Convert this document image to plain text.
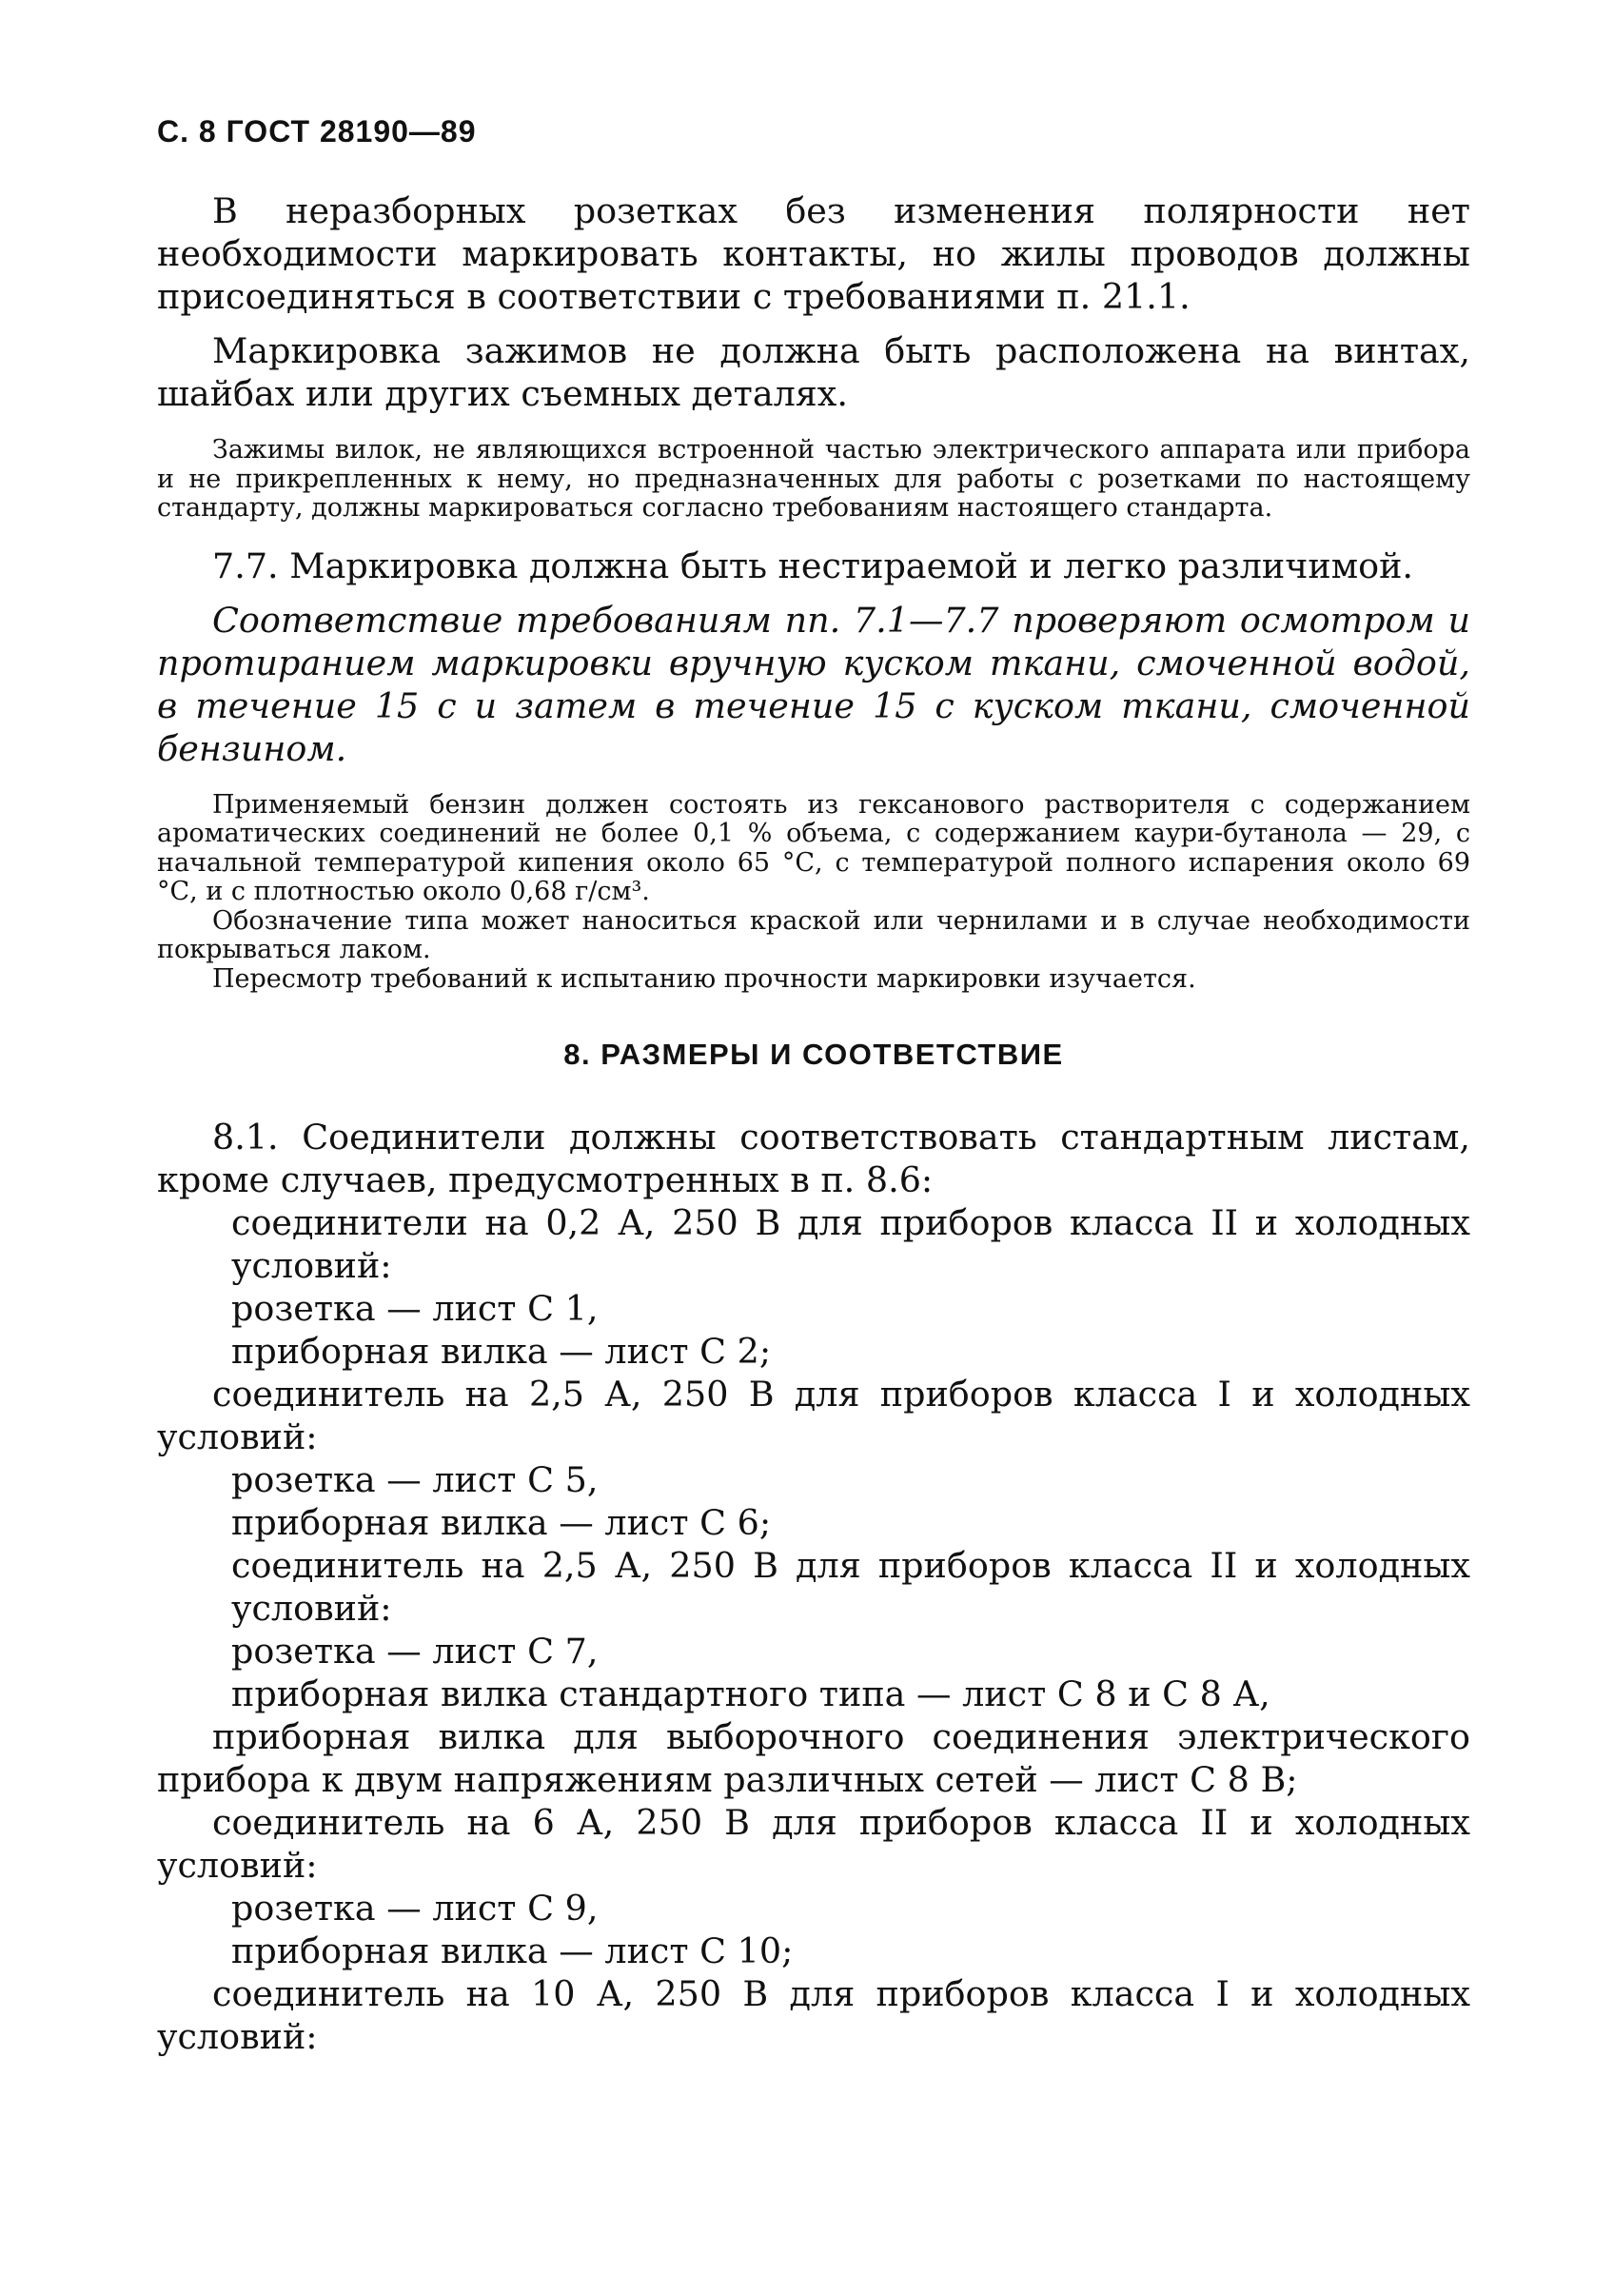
С. 8 ГОСТ 28190—89

В неразборных розетках без изменения полярности нет необходимости маркировать контакты, но жилы проводов должны присоединяться в соответствии с требованиями п. 21.1.

Маркировка зажимов не должна быть расположена на винтах, шайбах или других съемных деталях.

Зажимы вилок, не являющихся встроенной частью электрического аппарата или прибора и не прикрепленных к нему, но предназначенных для работы с розетками по настоящему стандарту, должны маркироваться согласно требованиям настоящего стандарта.

7.7. Маркировка должна быть нестираемой и легко различимой.

Соответствие требованиям пп. 7.1—7.7 проверяют осмотром и протиранием маркировки вручную куском ткани, смоченной водой, в течение 15 с и затем в течение 15 с куском ткани, смоченной бензином.

Применяемый бензин должен состоять из гексанового растворителя с содержанием ароматических соединений не более 0,1 % объема, с содержанием каури-бутанола — 29, с начальной температурой кипения около 65 °С, с температурой полного испарения около 69 °С, и с плотностью около 0,68 г/см³.

Обозначение типа может наноситься краской или чернилами и в случае необходимости покрываться лаком.

Пересмотр требований к испытанию прочности маркировки изучается.

8. РАЗМЕРЫ И СООТВЕТСТВИЕ

8.1. Соединители должны соответствовать стандартным листам, кроме случаев, предусмотренных в п. 8.6:

соединители на 0,2 А, 250 В для приборов класса II и холодных условий:

розетка — лист С 1,

приборная вилка — лист С 2;

соединитель на 2,5 А, 250 В для приборов класса I и холодных условий:

розетка — лист С 5,

приборная вилка — лист С 6;

соединитель на 2,5 А, 250 В для приборов класса II и холодных условий:

розетка — лист С 7,

приборная вилка стандартного типа — лист С 8 и С 8 А,

приборная вилка для выборочного соединения электрического прибора к двум напряжениям различных сетей — лист С 8 В;

соединитель на 6 А, 250 В для приборов класса II и холодных условий:

розетка — лист С 9,

приборная вилка — лист С 10;

соединитель на 10 А, 250 В для приборов класса I и холодных условий:
